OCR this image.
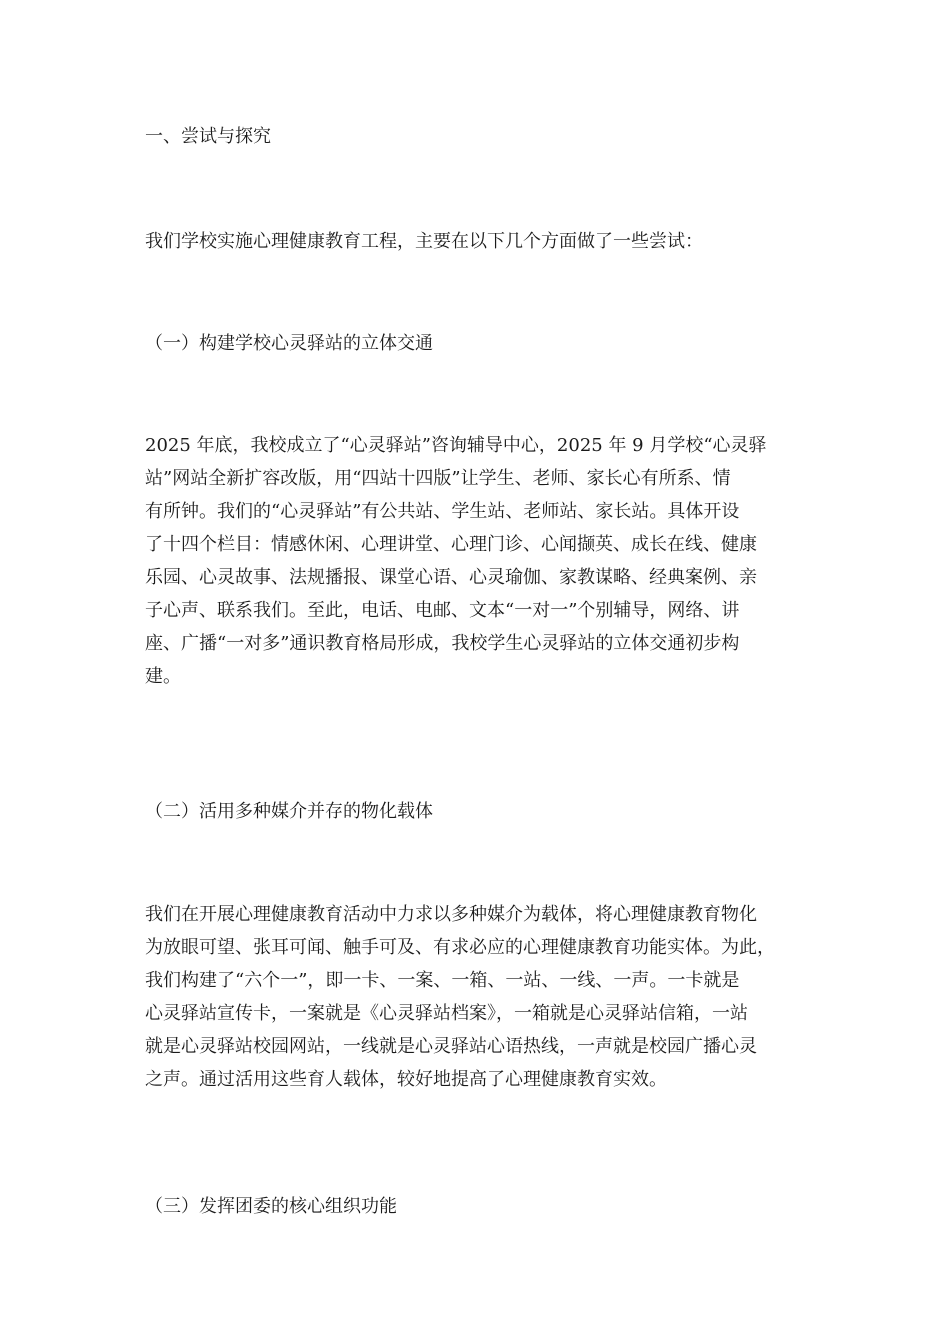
一、尝试与探究
我们学校实施心理健康教育工程，主要在以下几个方面做了一些尝试：
（一）构建学校心灵驿站的立体交通
2025 年底，我校成立了“心灵驿站”咨询辅导中心，2025 年 9 月学校“心灵驿
站”网站全新扩容改版，用“四站十四版”让学生、老师、家长心有所系、情
有所钟。我们的“心灵驿站”有公共站、学生站、老师站、家长站。具体开设
了十四个栏目：情感休闲、心理讲堂、心理门诊、心闻撷英、成长在线、健康
乐园、心灵故事、法规播报、课堂心语、心灵瑜伽、家教谋略、经典案例、亲
子心声、联系我们。至此，电话、电邮、文本“一对一”个别辅导，网络、讲
座、广播“一对多”通识教育格局形成，我校学生心灵驿站的立体交通初步构
建。
（二）活用多种媒介并存的物化载体
我们在开展心理健康教育活动中力求以多种媒介为载体，将心理健康教育物化
为放眼可望、张耳可闻、触手可及、有求必应的心理健康教育功能实体。为此，
我们构建了“六个一”，即一卡、一案、一箱、一站、一线、一声。一卡就是
心灵驿站宣传卡，一案就是《心灵驿站档案》，一箱就是心灵驿站信箱，一站
就是心灵驿站校园网站，一线就是心灵驿站心语热线，一声就是校园广播心灵
之声。通过活用这些育人载体，较好地提高了心理健康教育实效。
（三）发挥团委的核心组织功能
